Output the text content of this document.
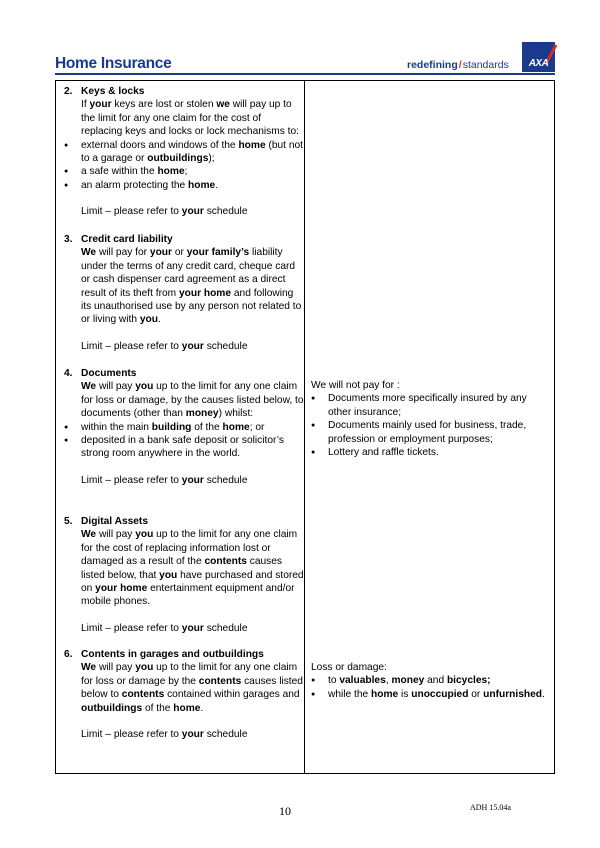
Home Insurance	redefining/standards	AXA
2. Keys & locks
If your keys are lost or stolen we will pay up to the limit for any one claim for the cost of replacing keys and locks or lock mechanisms to:
● external doors and windows of the home (but not to a garage or outbuildings);
● a safe within the home;
● an alarm protecting the home.
Limit – please refer to your schedule
3. Credit card liability
We will pay for your or your family’s liability under the terms of any credit card, cheque card or cash dispenser card agreement as a direct result of its theft from your home and following its unauthorised use by any person not related to or living with you.
Limit – please refer to your schedule
4. Documents
We will pay you up to the limit for any one claim for loss or damage, by the causes listed below, to documents (other than money) whilst:
● within the main building of the home; or
● deposited in a bank safe deposit or solicitor’s strong room anywhere in the world.
Limit – please refer to your schedule
We will not pay for :
● Documents more specifically insured by any other insurance;
● Documents mainly used for business, trade, profession or employment purposes;
● Lottery and raffle tickets.
5. Digital Assets
We will pay you up to the limit for any one claim for the cost of replacing information lost or damaged as a result of the contents causes listed below, that you have purchased and stored on your home entertainment equipment and/or mobile phones.
Limit – please refer to your schedule
6. Contents in garages and outbuildings
We will pay you up to the limit for any one claim for loss or damage by the contents causes listed below to contents contained within garages and outbuildings of the home.
Limit – please refer to your schedule
Loss or damage:
● to valuables, money and bicycles;
● while the home is unoccupied or unfurnished.
10	ADH 15.04a
